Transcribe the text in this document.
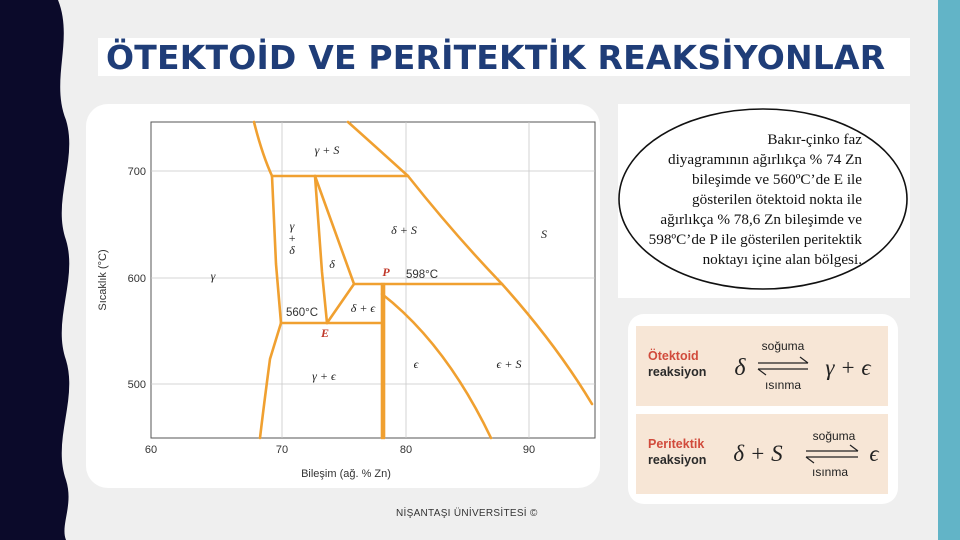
ÖTEKTOİD VE PERİTEKTİK REAKSİYONLAR
60	70	80	90
700
600
500
Bileşim (ağ. % Zn)
Sıcaklık (°C)
γ + S
γ
γ
+
δ
δ
δ + S	S
δ + ϵ
γ + ϵ
ϵ	ϵ + S
P
E
598°C
560°C
Bakır-çinko faz
diyagramının ağırlıkça % 74 Zn
bileşimde ve 560ºC’de E ile
gösterilen ötektoid nokta ile
ağırlıkça % 78,6 Zn bileşimde ve
598ºC’de P ile gösterilen peritektik
noktayı içine alan bölgesi.
Ötektoid
reaksiyon δ
soğuma
ısınma
γ + ϵ
Peritektik
reaksiyon δ + S
soğuma
ısınma
ϵ
NİŞANTAŞI ÜNİVERSİTESİ ©
